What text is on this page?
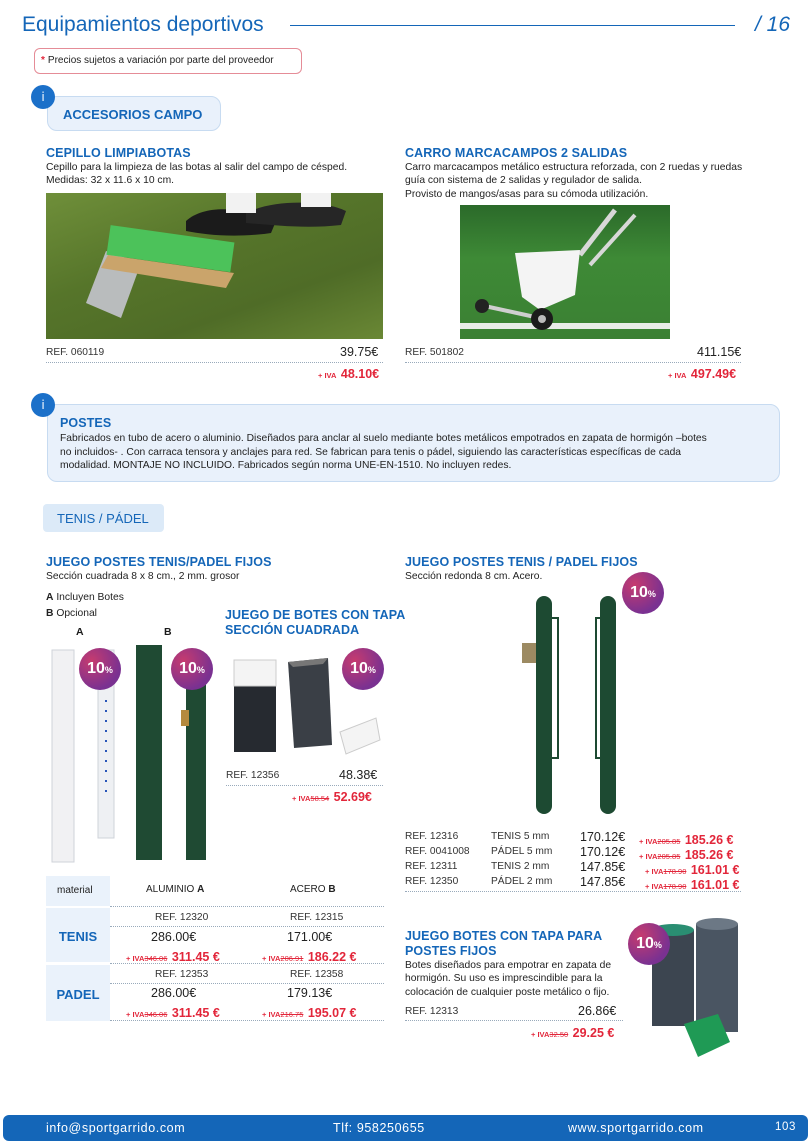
Equipamientos deportivos	/ 16
* Precios sujetos a variación por parte del proveedor
ACCESORIOS CAMPO
i
CEPILLO LIMPIABOTAS
Cepillo para la limpieza de las botas al salir del campo de césped.
Medidas: 32 x 11.6 x 10 cm.
REF. 060119	39.75€
+ IVA 48.10€
CARRO MARCACAMPOS 2 SALIDAS
Carro marcacampos metálico estructura reforzada, con 2 ruedas y ruedas
guía con sistema de 2 salidas y regulador de salida.
Provisto de mangos/asas para su cómoda utilización.
REF. 501802	411.15€
+ IVA 497.49€
POSTES
Fabricados en tubo de acero o aluminio. Diseñados para anclar al suelo mediante botes metálicos empotrados en zapata de hormigón –botes
no incluidos- . Con carraca tensora y anclajes para red. Se fabrican para tenis o pádel, siguiendo las características específicas de cada
modalidad. MONTAJE NO INCLUIDO. Fabricados según norma UNE-EN-1510. No incluyen redes.
i
TENIS / PÁDEL
JUEGO POSTES TENIS/PADEL FIJOS
Sección cuadrada 8 x 8 cm., 2 mm. grosor
A Incluyen Botes
B Opcional
A	B
10%	10%
JUEGO DE BOTES CON TAPA
SECCIÓN CUADRADA
10%
REF. 12356	48.38€
+ IVA58.54 52.69€
material	ALUMINIO A	ACERO B
TENIS
REF. 12320	REF. 12315
286.00€	171.00€
+ IVA346.06 311.45 €	+ IVA206.91 186.22 €
PADEL
REF. 12353	REF. 12358
286.00€	179.13€
+ IVA346.06 311.45 €	+ IVA216.75 195.07 €
JUEGO POSTES TENIS / PADEL FIJOS
Sección redonda 8 cm. Acero.
10%
REF. 12316	TENIS 5 mm 170.12€ + IVA205.85 185.26 €
REF. 0041008 PÁDEL 5 mm 170.12€ + IVA205.85 185.26 €
REF. 12311	TENIS 2 mm 147.85€	+ IVA178.90 161.01 €
REF. 12350	PÁDEL 2 mm 147.85€	+ IVA178.90 161.01 €
JUEGO BOTES CON TAPA PARA
POSTES FIJOS
Botes diseñados para empotrar en zapata de
hormigón. Su uso es imprescindible para la
colocación de cualquier poste metálico o fijo.
REF. 12313	26.86€
+ IVA32.50 29.25 €
10%
info@sportgarrido.com	Tlf: 958250655	www.sportgarrido.com	103
